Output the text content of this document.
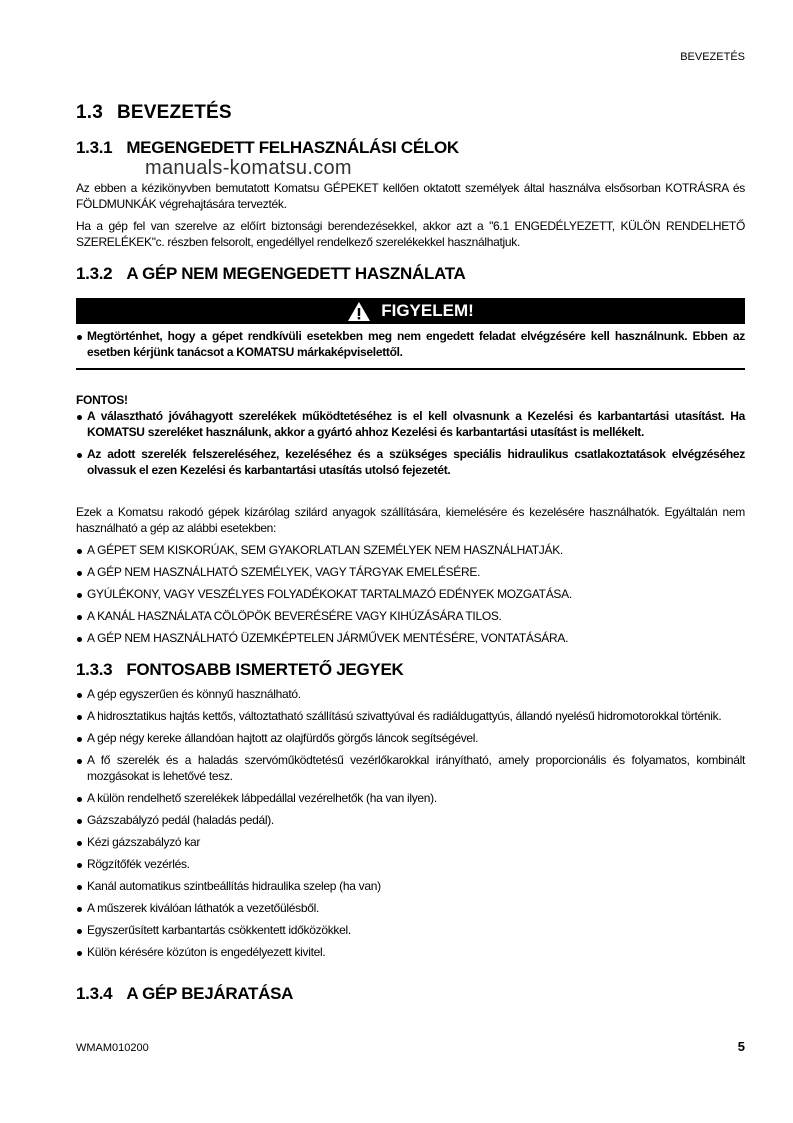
BEVEZETÉS
1.3 BEVEZETÉS
1.3.1 MEGENGEDETT FELHASZNÁLÁSI CÉLOK
manuals-komatsu.com
Az ebben a kézikönyvben bemutatott Komatsu GÉPEKET kellően oktatott személyek által használva elsősorban KOTRÁSRA és FÖLDMUNKÁK végrehajtására tervezték.
Ha a gép fel van szerelve az előírt biztonsági berendezésekkel, akkor azt a "6.1 ENGEDÉLYEZETT, KÜLÖN RENDELHETŐ SZERELÉKEK"c. részben felsorolt, engedéllyel rendelkező szerelékekkel használhatjuk.
1.3.2 A GÉP NEM MEGENGEDETT HASZNÁLATA
FIGYELEM!
Megtörténhet, hogy a gépet rendkívüli esetekben meg nem engedett feladat elvégzésére kell használnunk. Ebben az esetben kérjünk tanácsot a KOMATSU márkaképviselettől.
FONTOS!
A választható jóváhagyott szerelékek működtetéséhez is el kell olvasnunk a Kezelési és karbantartási utasítást. Ha KOMATSU szereléket használunk, akkor a gyártó ahhoz Kezelési és karbantartási utasítást is mellékelt.
Az adott szerelék felszereléséhez, kezeléséhez és a szükséges speciális hidraulikus csatlakoztatások elvégzéséhez olvassuk el ezen Kezelési és karbantartási utasítás utolsó fejezetét.
Ezek a Komatsu rakodó gépek kizárólag szilárd anyagok szállítására, kiemelésére és kezelésére használhatók. Egyáltalán nem használható a gép az alábbi esetekben:
A GÉPET SEM KISKORÚAK, SEM GYAKORLATLAN SZEMÉLYEK NEM HASZNÁLHATJÁK.
A GÉP NEM HASZNÁLHATÓ SZEMÉLYEK, VAGY TÁRGYAK EMELÉSÉRE.
GYÚLÉKONY, VAGY VESZÉLYES FOLYADÉKOKAT TARTALMAZÓ EDÉNYEK MOZGATÁSA.
A KANÁL HASZNÁLATA CÖLÖPÖK BEVERÉSÉRE VAGY KIHÚZÁSÁRA TILOS.
A GÉP NEM HASZNÁLHATÓ ÜZEMKÉPTELEN JÁRMŰVEK MENTÉSÉRE, VONTATÁSÁRA.
1.3.3 FONTOSABB ISMERTETŐ JEGYEK
A gép egyszerűen és könnyű használható.
A hidrosztatikus hajtás kettős, változtatható szállítású szivattyúval és radiáldugattyús, állandó nyelésű hidromotorokkal történik.
A gép négy kereke állandóan hajtott az olajfürdős görgős láncok segítségével.
A fő szerelék és a haladás szervóműködtetésű vezérlőkarokkal irányítható, amely proporcionális és folyamatos, kombinált mozgásokat is lehetővé tesz.
A külön rendelhető szerelékek lábpedállal vezérelhetők (ha van ilyen).
Gázszabályzó pedál (haladás pedál).
Kézi gázszabályzó kar
Rögzítőfék vezérlés.
Kanál automatikus szintbeállítás hidraulika szelep (ha van)
A műszerek kiválóan láthatók a vezetőülésből.
Egyszerűsített karbantartás csökkentett időközökkel.
Külön kérésére közúton is engedélyezett kivitel.
1.3.4 A GÉP BEJÁRATÁSA
WMAM010200	5
